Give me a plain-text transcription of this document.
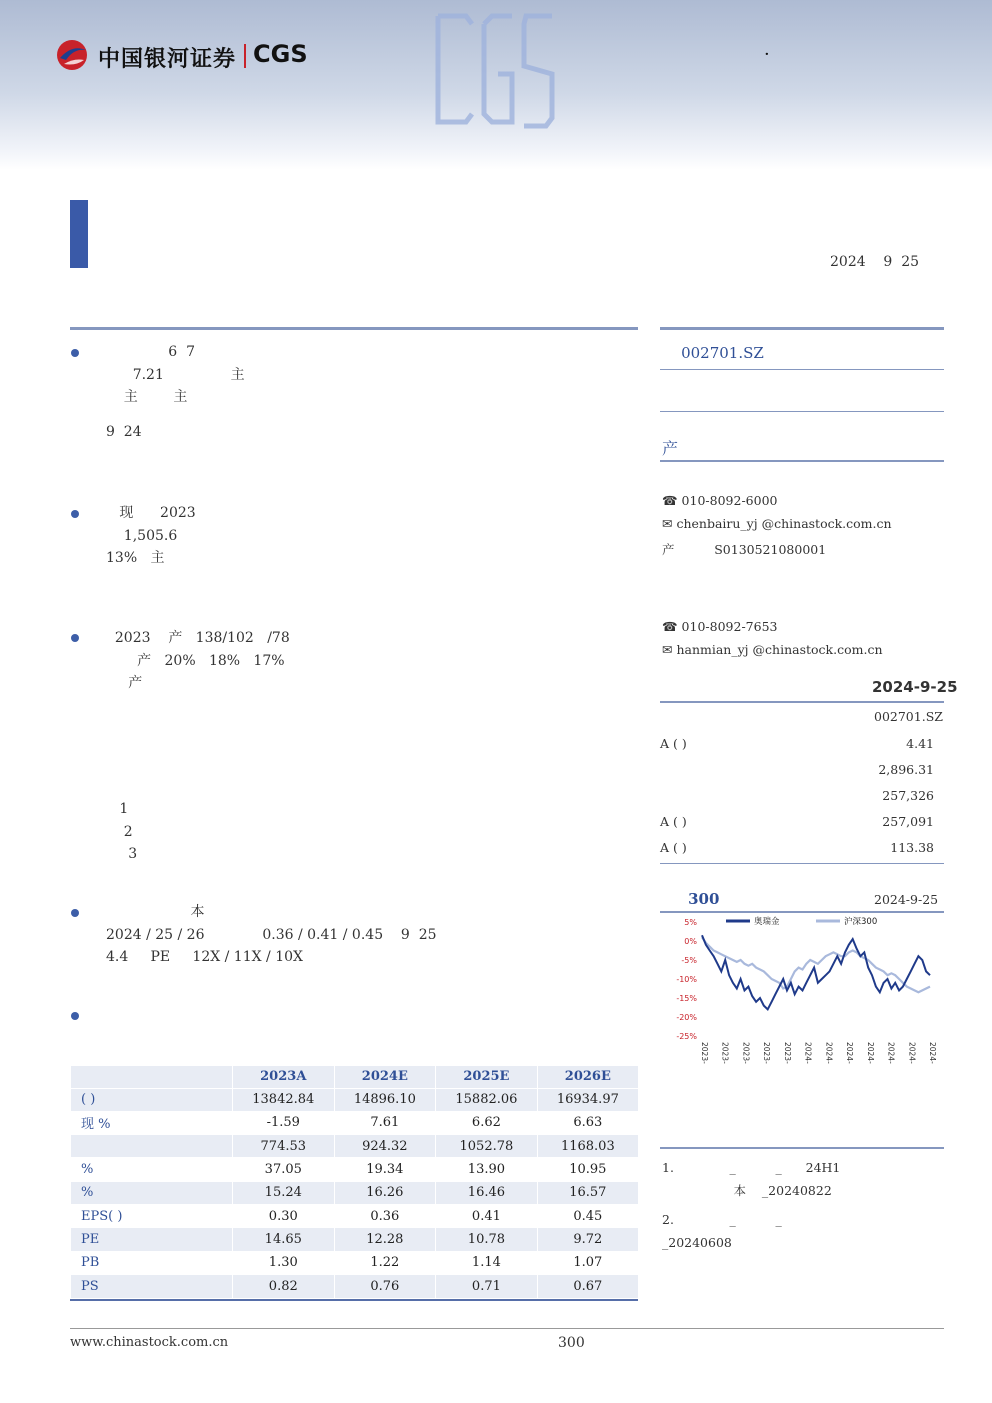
中国银河证券 CGS
CGS
·

2024    9  25
6  7
7.21               主
主        主
9  24

现      2023
1,505.6
13%   主
2023    产   138/102   /78
产   20%   18%   17%
产
1
2
3
本
2024 / 25 / 26             0.36 / 0.41 / 0.45    9  25
4.4     PE     12X / 11X / 10X
	2023A	2024E	2025E	2026E
( )	13842.84	14896.10	15882.06	16934.97
现 %	-1.59	7.61	6.62	6.63
	774.53	924.32	1052.78	1168.03
%	37.05	19.34	13.90	10.95
%	15.24	16.26	16.46	16.57
EPS( )	0.30	0.36	0.41	0.45
PE	14.65	12.28	10.78	9.72
PB	1.30	1.22	1.14	1.07
PS	0.82	0.76	0.71	0.67
002701.SZ
产
☎ 010-8092-6000
✉ chenbairu_yj @chinastock.com.cn
产          S0130521080001
☎ 010-8092-7653
✉ hanmian_yj @chinastock.com.cn
2024-9-25
002701.SZ
A ( )	4.41
	2,896.31
	257,326
A ( )	257,091
A ( )	113.38
300	2024-9-25
5%
0%
-5%
-10%
-15%
-20%
-25%
2023- 2023- 2023- 2023- 2023- 2024- 2024- 2024- 2024- 2024- 2024- 2024-
奥瑞金	沪深300
1.              _          _      24H1
本    _20240822
2.              _          _
_20240608
www.chinastock.com.cn	300
